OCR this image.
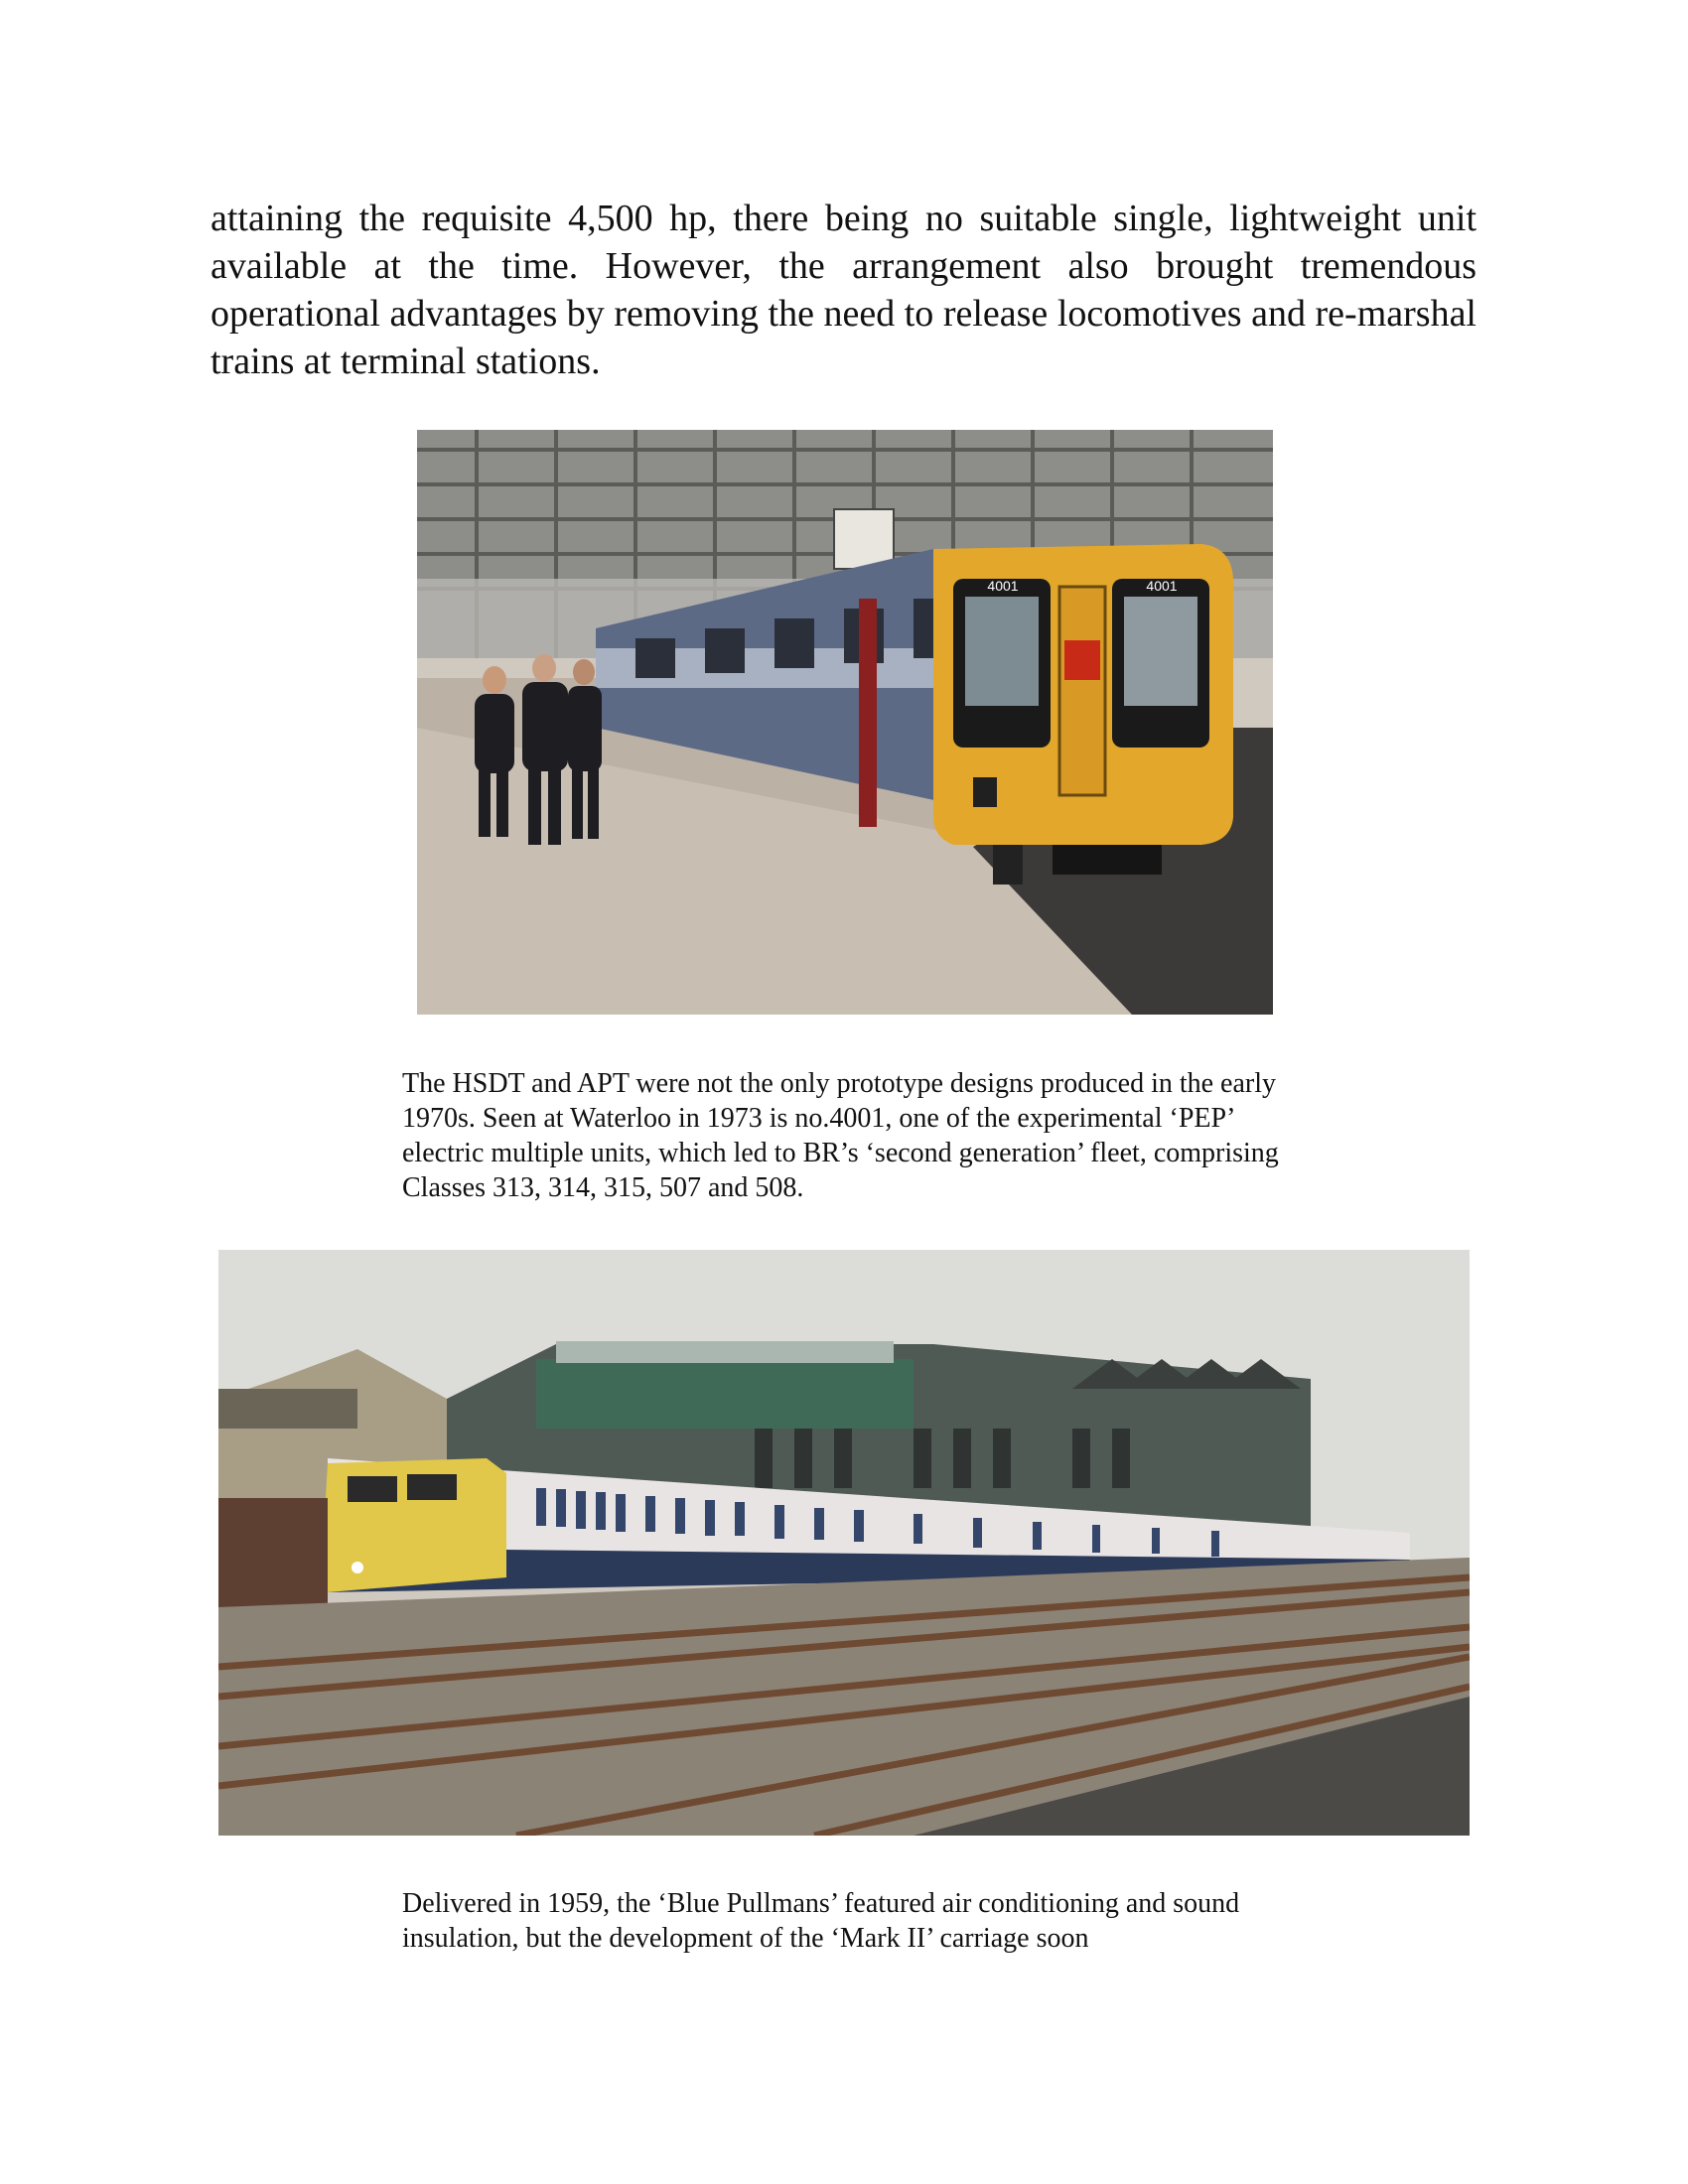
attaining the requisite 4,500 hp, there being no suitable single, lightweight unit available at the time. However, the arrangement also brought tremendous operational advantages by removing the need to release locomotives and re-marshal trains at terminal stations.

4001	4001

The HSDT and APT were not the only prototype designs produced in the early 1970s. Seen at Waterloo in 1973 is no.4001, one of the experimental ‘PEP’ electric multiple units, which led to BR’s ‘second generation’ fleet, comprising Classes 313, 314, 315, 507 and 508.

Delivered in 1959, the ‘Blue Pullmans’ featured air conditioning and sound insulation, but the development of the ‘Mark II’ carriage soon
